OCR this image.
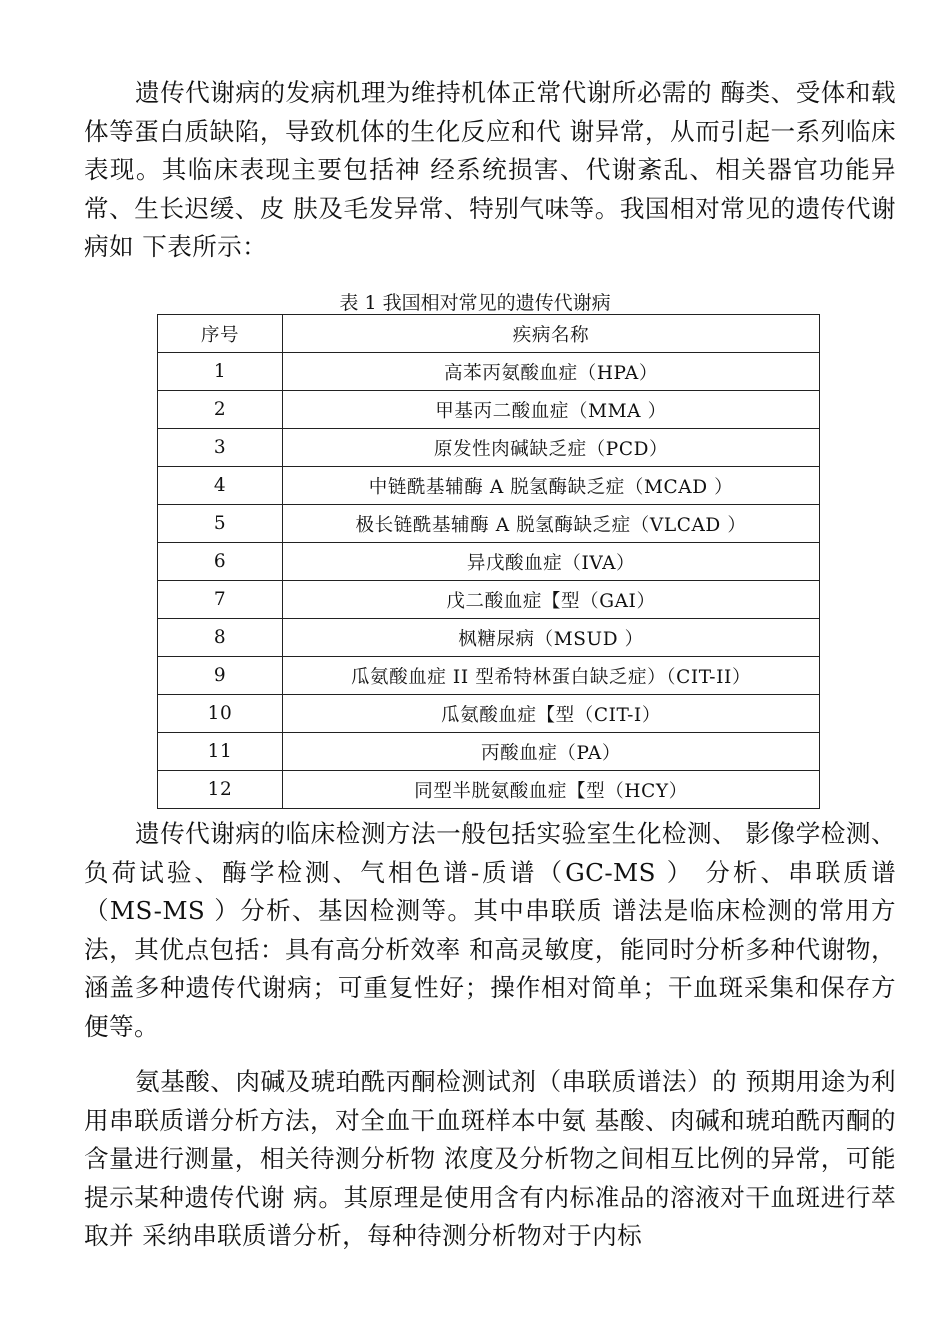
遗传代谢病的发病机理为维持机体正常代谢所必需的 酶类、受体和载体等蛋白质缺陷，导致机体的生化反应和代 谢异常，从而引起一系列临床表现。其临床表现主要包括神 经系统损害、代谢紊乱、相关器官功能异常、生长迟缓、皮 肤及毛发异常、特别气味等。我国相对常见的遗传代谢病如 下表所示：

表 1 我国相对常见的遗传代谢病

序号	疾病名称
1	高苯丙氨酸血症（HPA）
2	甲基丙二酸血症（MMA ）
3	原发性肉碱缺乏症（PCD）
4	中链酰基辅酶 A 脱氢酶缺乏症（MCAD ）
5	极长链酰基辅酶 A 脱氢酶缺乏症（VLCAD ）
6	异戊酸血症（IVA）
7	戊二酸血症【型（GAI）
8	枫糖尿病（MSUD ）
9	瓜氨酸血症 II 型希特林蛋白缺乏症）（CIT-II）
10	瓜氨酸血症【型（CIT-I）
11	丙酸血症（PA）
12	同型半胱氨酸血症【型（HCY）

遗传代谢病的临床检测方法一般包括实验室生化检测、 影像学检测、负荷试验、酶学检测、气相色谱-质谱（GC-MS ） 分析、串联质谱（MS-MS ）分析、基因检测等。其中串联质 谱法是临床检测的常用方法，其优点包括：具有高分析效率 和高灵敏度，能同时分析多种代谢物，涵盖多种遗传代谢病；可重复性好；操作相对简单；干血斑采集和保存方便等。

氨基酸、肉碱及琥珀酰丙酮检测试剂（串联质谱法）的 预期用途为利用串联质谱分析方法，对全血干血斑样本中氨 基酸、肉碱和琥珀酰丙酮的含量进行测量，相关待测分析物 浓度及分析物之间相互比例的异常，可能提示某种遗传代谢 病。其原理是使用含有内标准品的溶液对干血斑进行萃取并 采纳串联质谱分析，每种待测分析物对于内标
